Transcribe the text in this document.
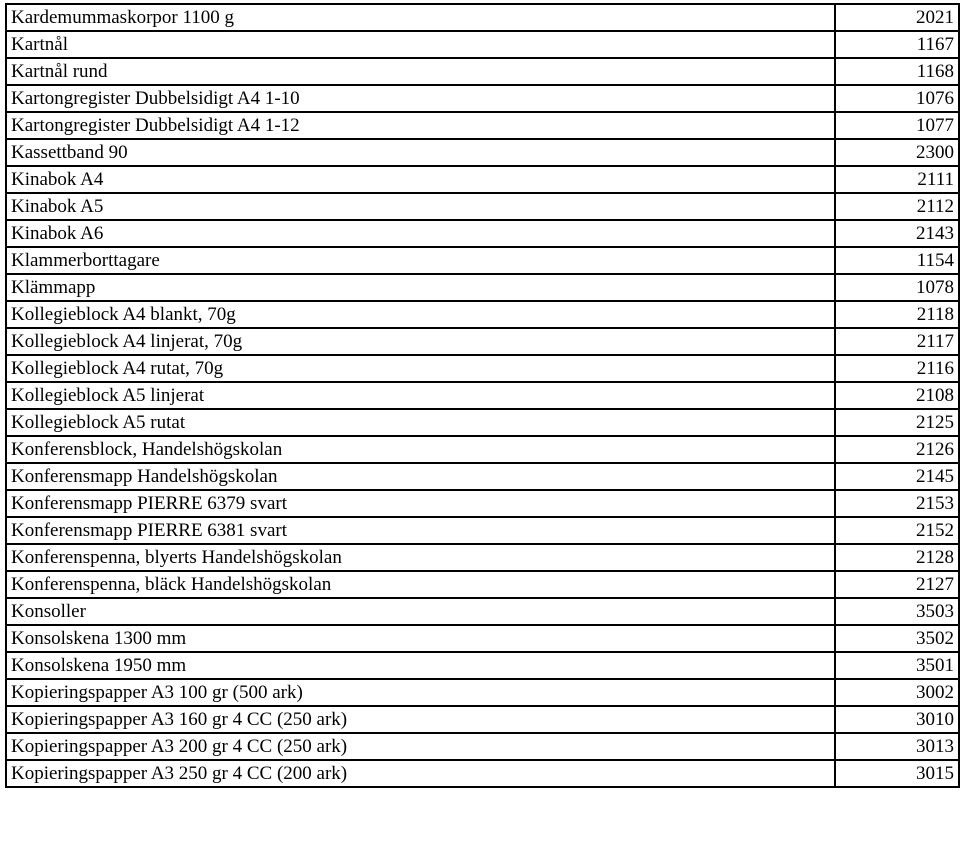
Kardemummaskorpor 1100 g	2021
Kartnål	1167
Kartnål rund	1168
Kartongregister Dubbelsidigt A4 1-10	1076
Kartongregister Dubbelsidigt A4 1-12	1077
Kassettband 90	2300
Kinabok A4	2111
Kinabok A5	2112
Kinabok A6	2143
Klammerborttagare	1154
Klämmapp	1078
Kollegieblock A4 blankt, 70g	2118
Kollegieblock A4 linjerat, 70g	2117
Kollegieblock A4 rutat, 70g	2116
Kollegieblock A5 linjerat	2108
Kollegieblock A5 rutat	2125
Konferensblock, Handelshögskolan	2126
Konferensmapp Handelshögskolan	2145
Konferensmapp PIERRE 6379 svart	2153
Konferensmapp PIERRE 6381 svart	2152
Konferenspenna, blyerts Handelshögskolan	2128
Konferenspenna, bläck Handelshögskolan	2127
Konsoller	3503
Konsolskena 1300 mm	3502
Konsolskena 1950 mm	3501
Kopieringspapper A3 100 gr (500 ark)	3002
Kopieringspapper A3 160 gr 4 CC (250 ark)	3010
Kopieringspapper A3 200 gr 4 CC (250 ark)	3013
Kopieringspapper A3 250 gr 4 CC (200 ark)	3015
